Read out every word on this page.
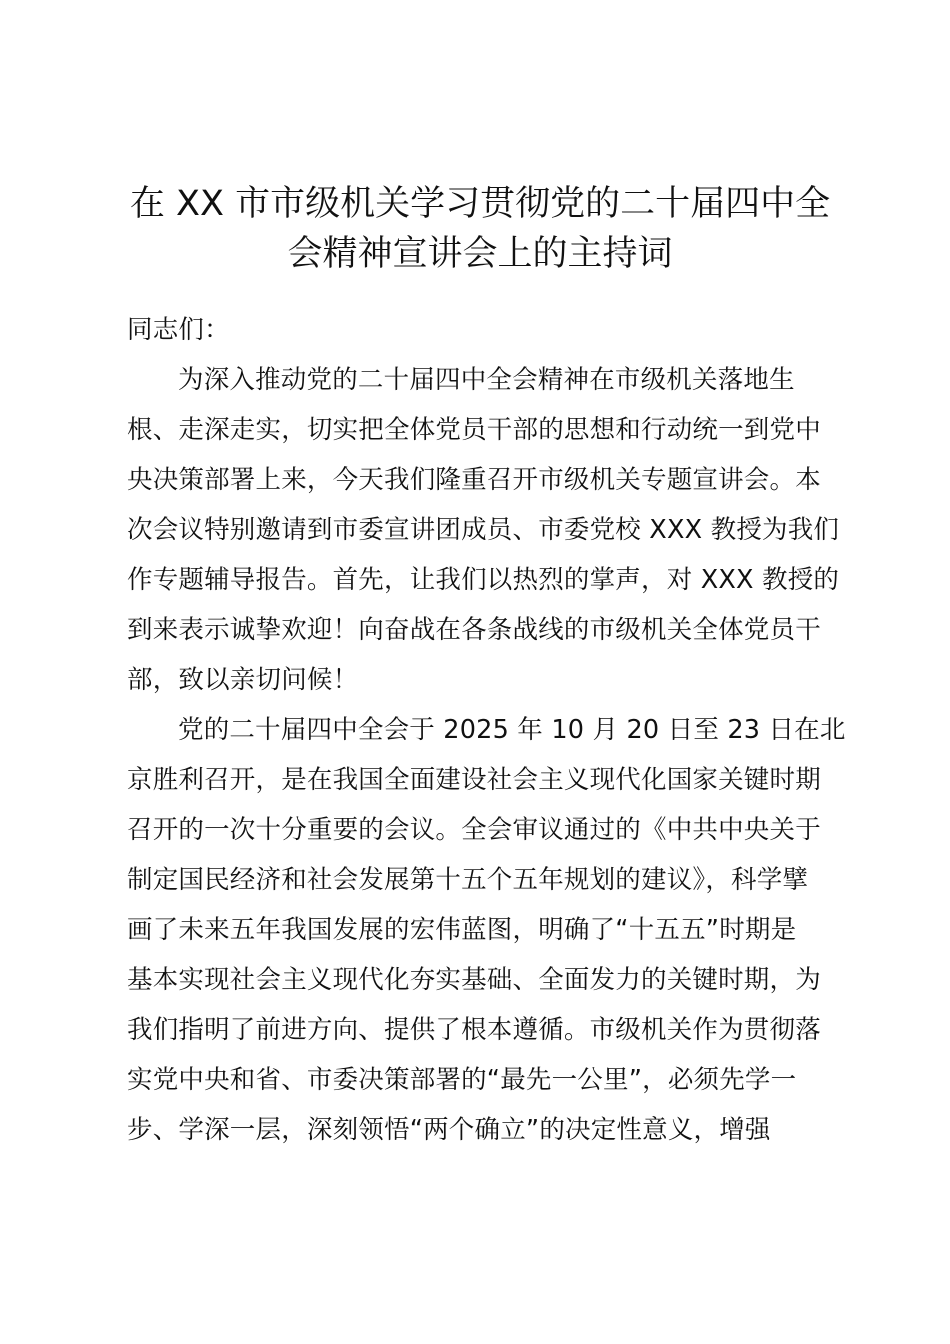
在 XX 市市级机关学习贯彻党的二十届四中全
会精神宣讲会上的主持词
同志们：
为深入推动党的二十届四中全会精神在市级机关落地生
根、走深走实，切实把全体党员干部的思想和行动统一到党中
央决策部署上来，今天我们隆重召开市级机关专题宣讲会。本
次会议特别邀请到市委宣讲团成员、市委党校 XXX 教授为我们
作专题辅导报告。首先，让我们以热烈的掌声，对 XXX 教授的
到来表示诚挚欢迎！向奋战在各条战线的市级机关全体党员干
部，致以亲切问候！
党的二十届四中全会于 2025 年 10 月 20 日至 23 日在北
京胜利召开，是在我国全面建设社会主义现代化国家关键时期
召开的一次十分重要的会议。全会审议通过的《中共中央关于
制定国民经济和社会发展第十五个五年规划的建议》，科学擘
画了未来五年我国发展的宏伟蓝图，明确了“十五五”时期是
基本实现社会主义现代化夯实基础、全面发力的关键时期，为
我们指明了前进方向、提供了根本遵循。市级机关作为贯彻落
实党中央和省、市委决策部署的“最先一公里”，必须先学一
步、学深一层，深刻领悟“两个确立”的决定性意义，增强
